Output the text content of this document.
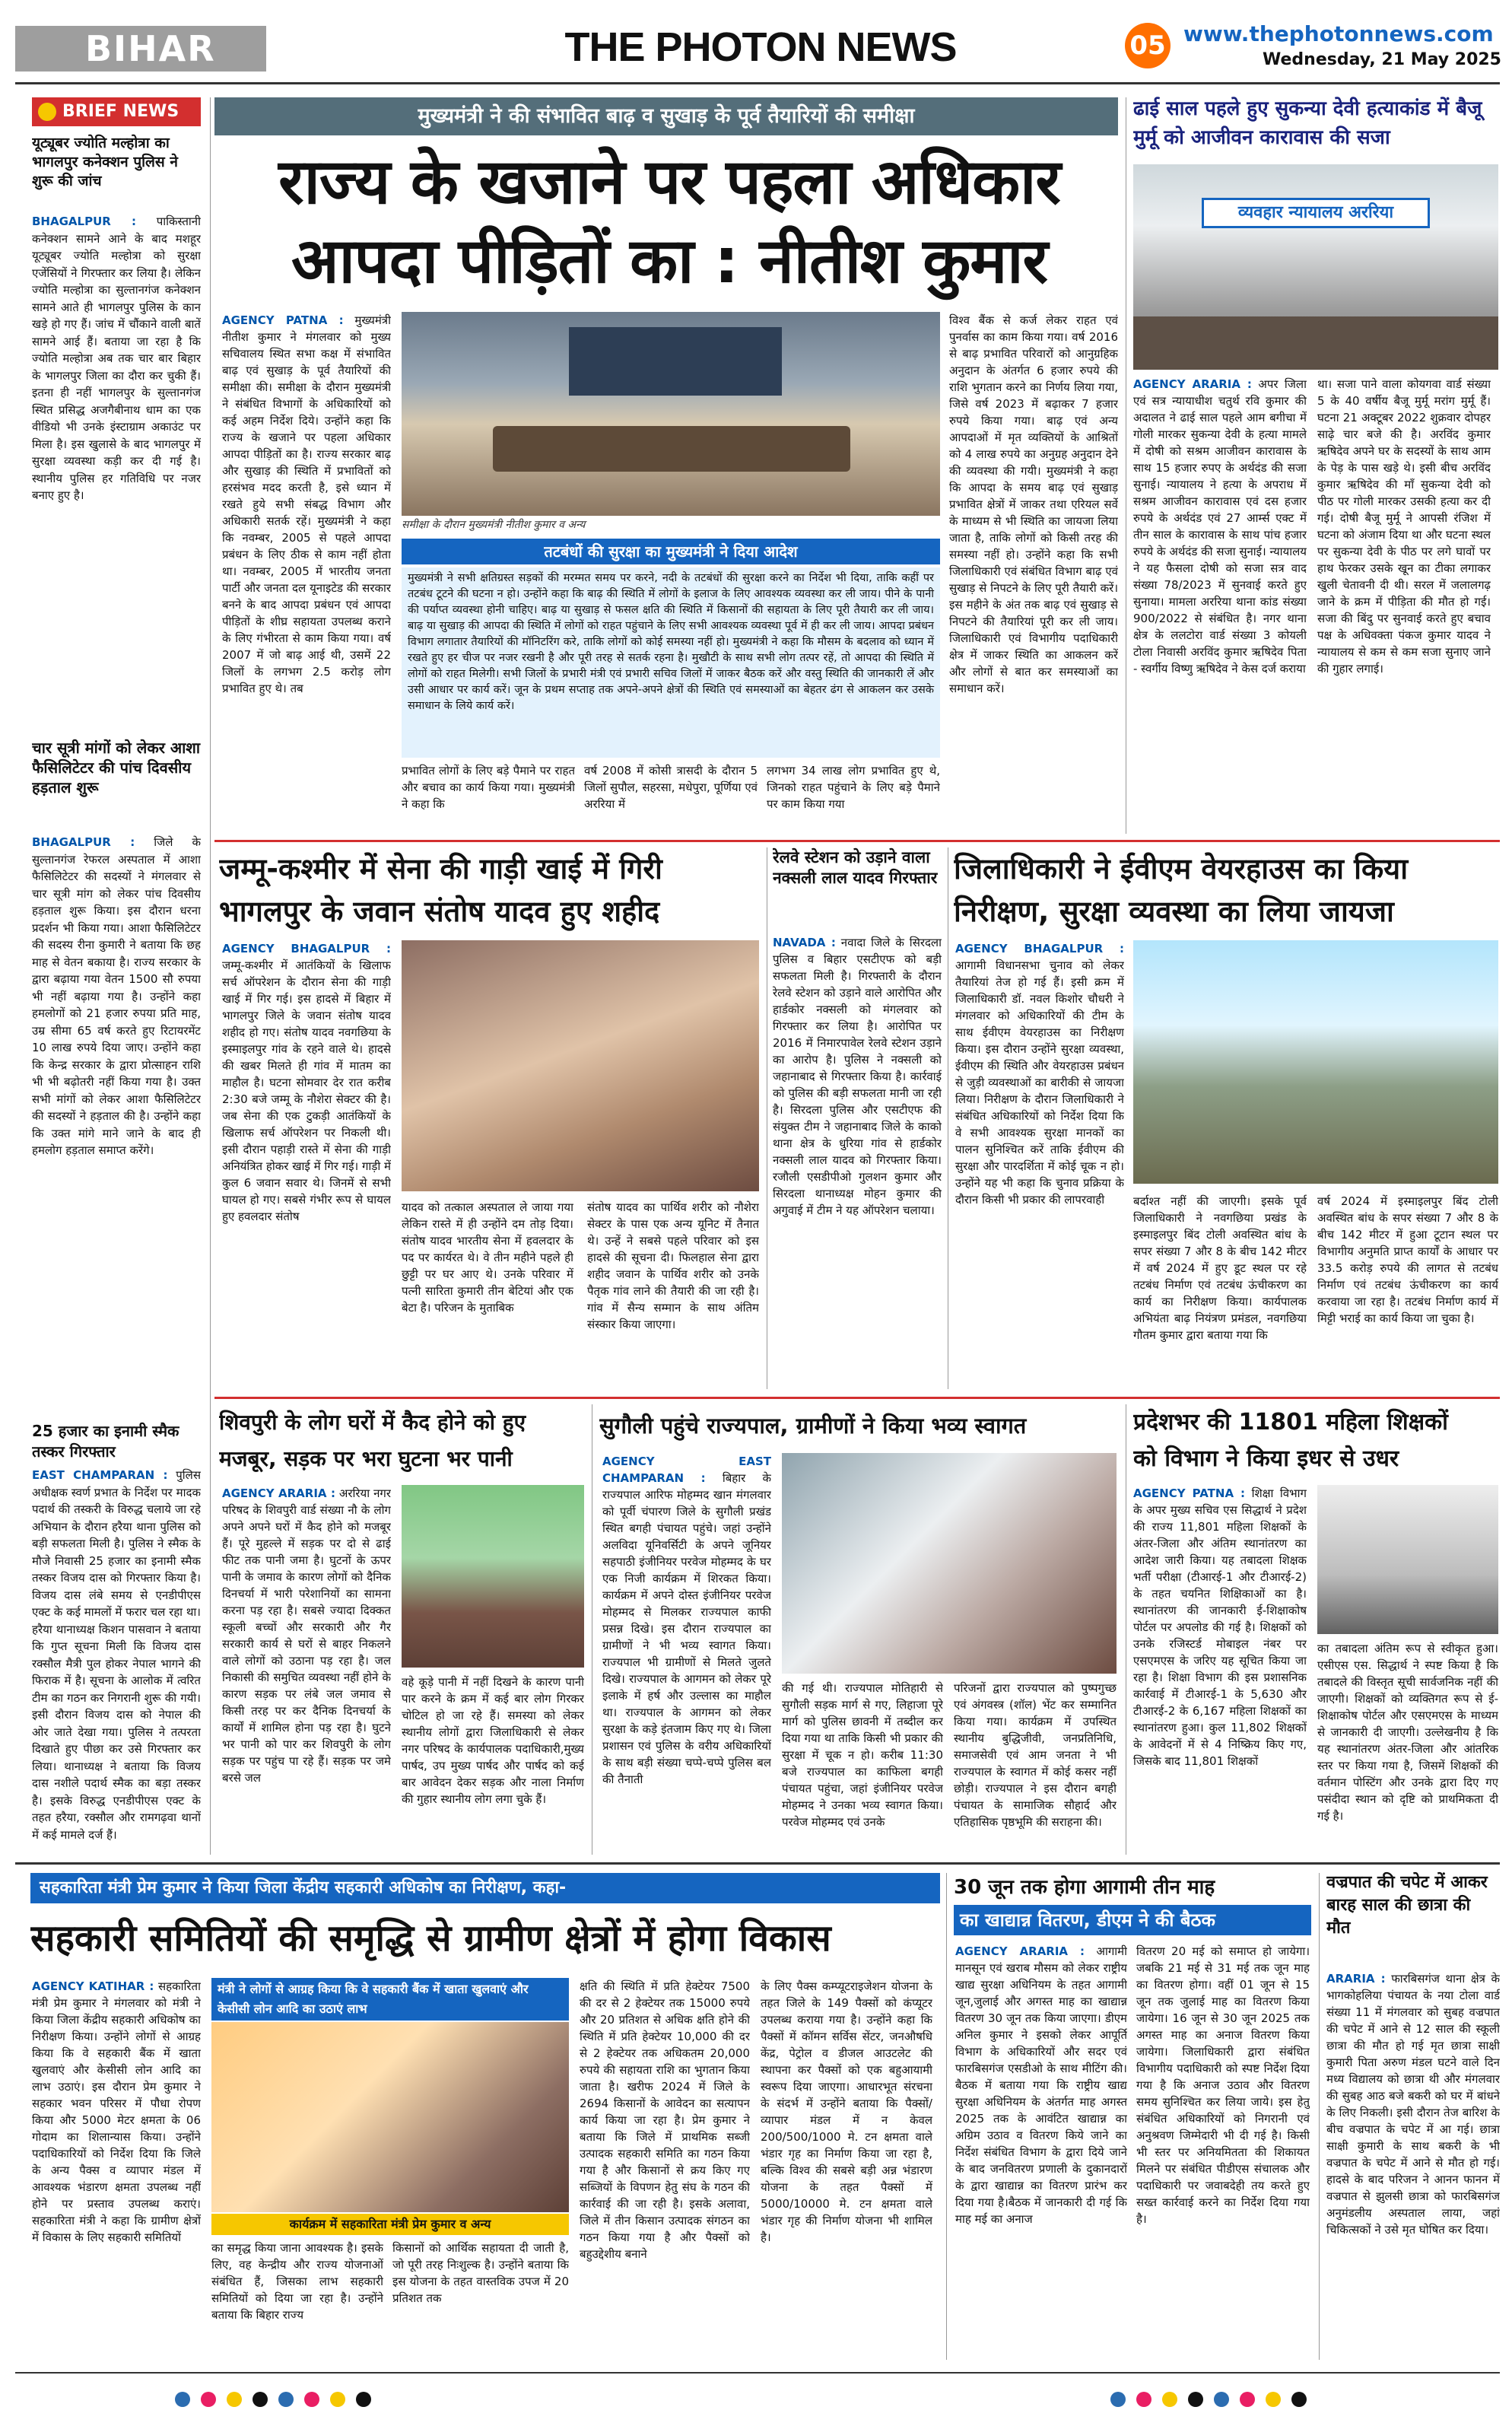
BIHAR	THE PHOTON NEWS	05 www.thephotonnews.com
Wednesday, 21 May 2025
BRIEF NEWS
यूट्यूबर ज्योति मल्होत्रा का भागलपुर कनेक्शन पुलिस ने शुरू की जांच
BHAGALPUR : पाकिस्तानी कनेक्शन सामने आने के बाद मशहूर यूट्यूबर ज्योति मल्होत्रा को सुरक्षा एजेंसियों ने गिरफ्तार कर लिया है। लेकिन ज्योति मल्होत्रा का सुल्तानगंज कनेक्शन सामने आते ही भागलपुर पुलिस के कान खड़े हो गए हैं। जांच में चौंकाने वाली बातें सामने आई हैं। बताया जा रहा है कि ज्योति मल्होत्रा अब तक चार बार बिहार के भागलपुर जिला का दौरा कर चुकी हैं। इतना ही नहीं भागलपुर के सुल्तानगंज स्थित प्रसिद्ध अजगैबीनाथ धाम का एक वीडियो भी उनके इंस्टाग्राम अकाउंट पर मिला है। इस खुलासे के बाद भागलपुर में सुरक्षा व्यवस्था कड़ी कर दी गई है। स्थानीय पुलिस हर गतिविधि पर नजर बनाए हुए है।
चार सूत्री मांगों को लेकर आशा फैसिलिटेटर की पांच दिवसीय हड़ताल शुरू
BHAGALPUR : जिले के सुल्तानगंज रेफरल अस्पताल में आशा फैसिलिटेटर की सदस्यों ने मंगलवार से चार सूत्री मांग को लेकर पांच दिवसीय हड़ताल शुरू किया। इस दौरान धरना प्रदर्शन भी किया गया। आशा फैसिलिटेटर की सदस्य रीना कुमारी ने बताया कि छह माह से वेतन बकाया है। राज्य सरकार के द्वारा बढ़ाया गया वेतन 1500 सौ रुपया भी नहीं बढ़ाया गया है। उन्होंने कहा हमलोगों को 21 हजार रुपया प्रति माह, उम्र सीमा 65 वर्ष करते हुए रिटायरमेंट 10 लाख रुपये दिया जाए। उन्होंने कहा कि केन्द्र सरकार के द्वारा प्रोत्साहन राशि भी भी बढ़ोतरी नहीं किया गया है। उक्त सभी मांगों को लेकर आशा फैसिलिटेटर की सदस्यों ने हड़ताल की है। उन्होंने कहा कि उक्त मांगे माने जाने के बाद ही हमलोग हड़ताल समाप्त करेंगे।
25 हजार का इनामी स्मैक तस्कर गिरफ्तार
EAST CHAMPARAN : पुलिस अधीक्षक स्वर्ण प्रभात के निर्देश पर मादक पदार्थ की तस्करी के विरुद्ध चलाये जा रहे अभियान के दौरान हरैया थाना पुलिस को बड़ी सफलता मिली है। पुलिस ने स्मैक के मौजे निवासी 25 हजार का इनामी स्मैक तस्कर विजय दास को गिरफ्तार किया है। विजय दास लंबे समय से एनडीपीएस एक्ट के कई मामलों में फरार चल रहा था। हरैया थानाध्यक्ष किशन पासवान ने बताया कि गुप्त सूचना मिली कि विजय दास रक्सौल मैत्री पुल होकर नेपाल भागने की फिराक में है। सूचना के आलोक में त्वरित टीम का गठन कर निगरानी शुरू की गयी। इसी दौरान विजय दास को नेपाल की ओर जाते देखा गया। पुलिस ने तत्परता दिखाते हुए पीछा कर उसे गिरफ्तार कर लिया। थानाध्यक्ष ने बताया कि विजय दास नशीले पदार्थ स्मैक का बड़ा तस्कर है। इसके विरुद्ध एनडीपीएस एक्ट के तहत हरैया, रक्सौल और रामगढ़वा थानों में कई मामले दर्ज हैं।
मुख्यमंत्री ने की संभावित बाढ़ व सुखाड़ के पूर्व तैयारियों की समीक्षा
राज्य के खजाने पर पहला अधिकार
आपदा पीड़ितों का : नीतीश कुमार
AGENCY PATNA : मुख्यमंत्री नीतीश कुमार ने मंगलवार को मुख्य सचिवालय स्थित सभा कक्ष में संभावित बाढ़ एवं सुखाड़ के पूर्व तैयारियों की समीक्षा की। समीक्षा के दौरान मुख्यमंत्री ने संबंधित विभागों के अधिकारियों को कई अहम निर्देश दिये। उन्होंने कहा कि राज्य के खजाने पर पहला अधिकार आपदा पीड़ितों का है। राज्य सरकार बाढ़ और सुखाड़ की स्थिति में प्रभावितों को हरसंभव मदद करती है, इसे ध्यान में रखते हुये सभी संबद्ध विभाग और अधिकारी सतर्क रहें। मुख्यमंत्री ने कहा कि नवम्बर, 2005 से पहले आपदा प्रबंधन के लिए ठीक से काम नहीं होता था। नवम्बर, 2005 में भारतीय जनता पार्टी और जनता दल यूनाइटेड की सरकार बनने के बाद आपदा प्रबंधन एवं आपदा पीड़ितों के शीघ्र सहायता उपलब्ध कराने के लिए गंभीरता से काम किया गया। वर्ष 2007 में जो बाढ़ आई थी, उसमें 22 जिलों के लगभग 2.5 करोड़ लोग प्रभावित हुए थे। तब
समीक्षा के दौरान मुख्यमंत्री नीतीश कुमार व अन्य
तटबंधों की सुरक्षा का मुख्यमंत्री ने दिया आदेश
मुख्यमंत्री ने सभी क्षतिग्रस्त सड़कों की मरम्मत समय पर करने, नदी के तटबंधों की सुरक्षा करने का निर्देश भी दिया, ताकि कहीं पर तटबंध टूटने की घटना न हो। उन्होंने कहा कि बाढ़ की स्थिति में लोगों के इलाज के लिए आवश्यक व्यवस्था कर ली जाय। पीने के पानी की पर्याप्त व्यवस्था होनी चाहिए। बाढ़ या सुखाड़ से फसल क्षति की स्थिति में किसानों की सहायता के लिए पूरी तैयारी कर ली जाय। बाढ़ या सुखाड़ की आपदा की स्थिति में लोगों को राहत पहुंचाने के लिए सभी आवश्यक व्यवस्था पूर्व में ही कर ली जाय। आपदा प्रबंधन विभाग लगातार तैयारियों की मॉनिटरिंग करे, ताकि लोगों को कोई समस्या नहीं हो। मुख्यमंत्री ने कहा कि मौसम के बदलाव को ध्यान में रखते हुए हर चीज पर नजर रखनी है और पूरी तरह से सतर्क रहना है। मुखौटी के साथ सभी लोग तत्पर रहें, तो आपदा की स्थिति में लोगों को राहत मिलेगी। सभी जिलों के प्रभारी मंत्री एवं प्रभारी सचिव जिलों में जाकर बैठक करें और वस्तु स्थिति की जानकारी लें और उसी आधार पर कार्य करें। जून के प्रथम सप्ताह तक अपने-अपने क्षेत्रों की स्थिति एवं समस्याओं का बेहतर ढंग से आकलन कर उसके समाधान के लिये कार्य करें।
प्रभावित लोगों के लिए बड़े पैमाने पर राहत और बचाव का कार्य किया गया। मुख्यमंत्री ने कहा कि
वर्ष 2008 में कोसी त्रासदी के दौरान 5 जिलों सुपौल, सहरसा, मधेपुरा, पूर्णिया एवं अररिया में
लगभग 34 लाख लोग प्रभावित हुए थे, जिनको राहत पहुंचाने के लिए बड़े पैमाने पर काम किया गया
विश्व बैंक से कर्ज लेकर राहत एवं पुनर्वास का काम किया गया। वर्ष 2016 से बाढ़ प्रभावित परिवारों को आनुग्रहिक अनुदान के अंतर्गत 6 हजार रुपये की राशि भुगतान करने का निर्णय लिया गया, जिसे वर्ष 2023 में बढ़ाकर 7 हजार रुपये किया गया। बाढ़ एवं अन्य आपदाओं में मृत व्यक्तियों के आश्रितों को 4 लाख रुपये का अनुग्रह अनुदान देने की व्यवस्था की गयी। मुख्यमंत्री ने कहा कि आपदा के समय बाढ़ एवं सुखाड़ प्रभावित क्षेत्रों में जाकर तथा एरियल सर्वे के माध्यम से भी स्थिति का जायजा लिया जाता है, ताकि लोगों को किसी तरह की समस्या नहीं हो। उन्होंने कहा कि सभी जिलाधिकारी एवं संबंधित विभाग बाढ़ एवं सुखाड़ से निपटने के लिए पूरी तैयारी करें। इस महीने के अंत तक बाढ़ एवं सुखाड़ से निपटने की तैयारियां पूरी कर ली जाय। जिलाधिकारी एवं विभागीय पदाधिकारी क्षेत्र में जाकर स्थिति का आकलन करें और लोगों से बात कर समस्याओं का समाधान करें।
ढाई साल पहले हुए सुकन्या देवी हत्याकांड में बैजू मुर्मू को आजीवन कारावास की सजा
व्यवहार न्यायालय अररिया
AGENCY ARARIA : अपर जिला एवं सत्र न्यायाधीश चतुर्थ रवि कुमार की अदालत ने ढाई साल पहले आम बगीचा में गोली मारकर सुकन्या देवी के हत्या मामले में दोषी को सश्रम आजीवन कारावास के साथ 15 हजार रुपए के अर्थदंड की सजा सुनाई। न्यायालय ने हत्या के अपराध में सश्रम आजीवन कारावास एवं दस हजार रुपये के अर्थदंड एवं 27 आर्म्स एक्ट में तीन साल के कारावास के साथ पांच हजार रुपये के अर्थदंड की सजा सुनाई। न्यायालय ने यह फैसला दोषी को सजा सत्र वाद संख्या 78/2023 में सुनवाई करते हुए सुनाया। मामला अररिया थाना कांड संख्या 900/2022 से संबंधित है। नगर थाना क्षेत्र के ललटोरा वार्ड संख्या 3 कोयली टोला निवासी अरविंद कुमार ऋषिदेव पिता - स्वर्गीय विष्णु ऋषिदेव ने केस दर्ज कराया
था। सजा पाने वाला कोयगवा वार्ड संख्या 5 के 40 वर्षीय बैजू मुर्मू मरांग मुर्मू हैं। घटना 21 अक्टूबर 2022 शुक्रवार दोपहर साढ़े चार बजे की है। अरविंद कुमार ऋषिदेव अपने घर के सदस्यों के साथ आम के पेड़ के पास खड़े थे। इसी बीच अरविंद कुमार ऋषिदेव की माँ सुकन्या देवी को पीठ पर गोली मारकर उसकी हत्या कर दी गई। दोषी बैजू मुर्मू ने आपसी रंजिश में घटना को अंजाम दिया था और घटना स्थल पर सुकन्या देवी के पीठ पर लगे घावों पर हाथ फेरकर उसके खून का टीका लगाकर खुली चेतावनी दी थी। सरल में जलालगढ़ जाने के क्रम में पीड़िता की मौत हो गई। सजा की बिंदु पर सुनवाई करते हुए बचाव पक्ष के अधिवक्ता पंकज कुमार यादव ने न्यायालय से कम से कम सजा सुनाए जाने की गुहार लगाई।
जम्मू-कश्मीर में सेना की गाड़ी खाई में गिरी
भागलपुर के जवान संतोष यादव हुए शहीद
AGENCY BHAGALPUR : जम्मू-कश्मीर में आतंकियों के खिलाफ सर्च ऑपरेशन के दौरान सेना की गाड़ी खाई में गिर गई। इस हादसे में बिहार में भागलपुर जिले के जवान संतोष यादव शहीद हो गए। संतोष यादव नवगछिया के इस्माइलपुर गांव के रहने वाले थे। हादसे की खबर मिलते ही गांव में मातम का माहौल है। घटना सोमवार देर रात करीब 2:30 बजे जम्मू के नौशेरा सेक्टर की है। जब सेना की एक टुकड़ी आतंकियों के खिलाफ सर्च ऑपरेशन पर निकली थी। इसी दौरान पहाड़ी रास्ते में सेना की गाड़ी अनियंत्रित होकर खाई में गिर गई। गाड़ी में कुल 6 जवान सवार थे। जिनमें से सभी घायल हो गए। सबसे गंभीर रूप से घायल हुए हवलदार संतोष
यादव को तत्काल अस्पताल ले जाया गया लेकिन रास्ते में ही उन्होंने दम तोड़ दिया। संतोष यादव भारतीय सेना में हवलदार के पद पर कार्यरत थे। वे तीन महीने पहले ही छुट्टी पर घर आए थे। उनके परिवार में पत्नी सारिता कुमारी तीन बेटियां और एक बेटा है। परिजन के मुताबिक
संतोष यादव का पार्थिव शरीर को नौशेरा सेक्टर के पास एक अन्य यूनिट में तैनात थे। उन्हें ने सबसे पहले परिवार को इस हादसे की सूचना दी। फिलहाल सेना द्वारा शहीद जवान के पार्थिव शरीर को उनके पैतृक गांव लाने की तैयारी की जा रही है। गांव में सैन्य सम्मान के साथ अंतिम संस्कार किया जाएगा।
रेलवे स्टेशन को उड़ाने वाला नक्सली लाल यादव गिरफ्तार
NAVADA : नवादा जिले के सिरदला पुलिस व बिहार एसटीएफ को बड़ी सफलता मिली है। गिरफ्तारी के दौरान रेलवे स्टेशन को उड़ाने वाले आरोपित और हार्डकोर नक्सली को मंगलवार को गिरफ्तार कर लिया है। आरोपित पर 2016 में निमारपावेल रेलवे स्टेशन उड़ाने का आरोप है। पुलिस ने नक्सली को जहानाबाद से गिरफ्तार किया है। कार्रवाई को पुलिस की बड़ी सफलता मानी जा रही है। सिरदला पुलिस और एसटीएफ की संयुक्त टीम ने जहानाबाद जिले के काको थाना क्षेत्र के धुरिया गांव से हार्डकोर नक्सली लाल यादव को गिरफ्तार किया। रजौली एसडीपीओ गुलशन कुमार और सिरदला थानाध्यक्ष मोहन कुमार की अगुवाई में टीम ने यह ऑपरेशन चलाया।
जिलाधिकारी ने ईवीएम वेयरहाउस का किया
निरीक्षण, सुरक्षा व्यवस्था का लिया जायजा
AGENCY BHAGALPUR : आगामी विधानसभा चुनाव को लेकर तैयारियां तेज हो गई हैं। इसी क्रम में जिलाधिकारी डॉ. नवल किशोर चौधरी ने मंगलवार को अधिकारियों की टीम के साथ ईवीएम वेयरहाउस का निरीक्षण किया। इस दौरान उन्होंने सुरक्षा व्यवस्था, ईवीएम की स्थिति और वेयरहाउस प्रबंधन से जुड़ी व्यवस्थाओं का बारीकी से जायजा लिया। निरीक्षण के दौरान जिलाधिकारी ने संबंधित अधिकारियों को निर्देश दिया कि वे सभी आवश्यक सुरक्षा मानकों का पालन सुनिश्चित करें ताकि ईवीएम की सुरक्षा और पारदर्शिता में कोई चूक न हो। उन्होंने यह भी कहा कि चुनाव प्रक्रिया के दौरान किसी भी प्रकार की लापरवाही	बर्दाश्त नहीं की जाएगी। इसके पूर्व जिलाधिकारी ने नवगछिया प्रखंड के इस्माइलपुर बिंद टोली अवस्थित बांध के सपर संख्या 7 और 8 के बीच 142 मीटर में वर्ष 2024 में हुए डूट स्थल पर रहे तटबंध निर्माण एवं तटबंध ऊंचीकरण का कार्य का निरीक्षण किया। कार्यपालक अभियंता बाढ़ नियंत्रण प्रमंडल, नवगछिया गौतम कुमार द्वारा बताया गया कि
वर्ष 2024 में इस्माइलपुर बिंद टोली अवस्थित बांध के सपर संख्या 7 और 8 के बीच 142 मीटर में हुआ टूटान स्थल पर विभागीय अनुमति प्राप्त कार्यों के आधार पर 33.5 करोड़ रुपये की लागत से तटबंध निर्माण एवं तटबंध ऊंचीकरण का कार्य करवाया जा रहा है। तटबंध निर्माण कार्य में मिट्टी भराई का कार्य किया जा चुका है।
शिवपुरी के लोग घरों में कैद होने को हुए
मजबूर, सड़क पर भरा घुटना भर पानी
AGENCY ARARIA : अररिया नगर परिषद के शिवपुरी वार्ड संख्या नौ के लोग अपने अपने घरों में कैद होने को मजबूर हैं। पूरे मुहल्ले में सड़क पर दो से ढाई फीट तक पानी जमा है। घुटनों के ऊपर पानी के जमाव के कारण लोगों को दैनिक दिनचर्या में भारी परेशानियों का सामना करना पड़ रहा है। सबसे ज्यादा दिक्कत स्कूली बच्चों और सरकारी और गैर सरकारी कार्य से घरों से बाहर निकलने वाले लोगों को उठाना पड़ रहा है। जल निकासी की समुचित व्यवस्था नहीं होने के कारण सड़क पर लंबे जल जमाव से किसी तरह पर कर दैनिक दिनचर्या के कार्यों में शामिल होना पड़ रहा है। घुटने भर पानी को पार कर शिवपुरी के लोग सड़क पर पहुंच पा रहे हैं। सड़क पर जमे बरसे जल
वहे कूड़े पानी में नहीं दिखने के कारण पानी पार करने के क्रम में कई बार लोग गिरकर चोटिल हो जा रहे हैं। समस्या को लेकर स्थानीय लोगों द्वारा जिलाधिकारी से लेकर नगर परिषद के कार्यपालक पदाधिकारी,मुख्य पार्षद, उप मुख्य पार्षद और पार्षद को कई बार आवेदन देकर सड़क और नाला निर्माण की गुहार स्थानीय लोग लगा चुके हैं।
सुगौली पहुंचे राज्यपाल, ग्रामीणों ने किया भव्य स्वागत
AGENCY EAST CHAMPARAN : बिहार के राज्यपाल आरिफ मोहम्मद खान मंगलवार को पूर्वी चंपारण जिले के सुगौली प्रखंड स्थित बगही पंचायत पहुंचे। जहां उन्होंने अलविदा यूनिवर्सिटी के अपने जूनियर सहपाठी इंजीनियर परवेज मोहम्मद के घर एक निजी कार्यक्रम में शिरकत किया। कार्यक्रम में अपने दोस्त इंजीनियर परवेज मोहम्मद से मिलकर राज्यपाल काफी प्रसन्न दिखे। इस दौरान राज्यपाल का ग्रामीणों ने भी भव्य स्वागत किया। राज्यपाल भी ग्रामीणों से मिलते जुलते दिखे। राज्यपाल के आगमन को लेकर पूरे इलाके में हर्ष और उल्लास का माहौल था। राज्यपाल के आगमन को लेकर सुरक्षा के कड़े इंतजाम किए गए थे। जिला प्रशासन एवं पुलिस के वरीय अधिकारियों के साथ बड़ी संख्या चप्पे-चप्पे पुलिस बल की तैनाती
की गई थी। राज्यपाल मोतिहारी से सुगौली सड़क मार्ग से गए, लिहाजा पूरे मार्ग को पुलिस छावनी में तब्दील कर दिया गया था ताकि किसी भी प्रकार की सुरक्षा में चूक न हो। करीब 11:30 बजे राज्यपाल का काफिला बगही पंचायत पहुंचा, जहां इंजीनियर परवेज मोहम्मद ने उनका भव्य स्वागत किया। परवेज मोहम्मद एवं उनके
परिजनों द्वारा राज्यपाल को पुष्पगुच्छ एवं अंगवस्त्र (शॉल) भेंट कर सम्मानित किया गया। कार्यक्रम में उपस्थित स्थानीय बुद्धिजीवी, जनप्रतिनिधि, समाजसेवी एवं आम जनता ने भी राज्यपाल के स्वागत में कोई कसर नहीं छोड़ी। राज्यपाल ने इस दौरान बगही पंचायत के सामाजिक सौहार्द और एतिहासिक पृष्ठभूमि की सराहना की।
प्रदेशभर की 11801 महिला शिक्षकों
को विभाग ने किया इधर से उधर
AGENCY PATNA : शिक्षा विभाग के अपर मुख्य सचिव एस सिद्धार्थ ने प्रदेश की राज्य 11,801 महिला शिक्षकों के अंतर-जिला और अंतिम स्थानांतरण का आदेश जारी किया। यह तबादला शिक्षक भर्ती परीक्षा (टीआरई-1 और टीआरई-2) के तहत चयनित शिक्षिकाओं का है। स्थानांतरण की जानकारी ई-शिक्षाकोष पोर्टल पर अपलोड की गई है। शिक्षकों को उनके रजिस्टर्ड मोबाइल नंबर पर एसएमएस के जरिए यह सूचित किया जा रहा है। शिक्षा विभाग की इस प्रशासनिक कार्रवाई में टीआरई-1 के 5,630 और टीआरई-2 के 6,167 महिला शिक्षकों का स्थानांतरण हुआ। कुल 11,802 शिक्षकों के आवेदनों में से 4 निष्क्रिय किए गए, जिसके बाद 11,801 शिक्षकों
का तबादला अंतिम रूप से स्वीकृत हुआ। एसीएस एस. सिद्धार्थ ने स्पष्ट किया है कि तबादले की विस्तृत सूची सार्वजनिक नहीं की जाएगी। शिक्षकों को व्यक्तिगत रूप से ई-शिक्षाकोष पोर्टल और एसएमएस के माध्यम से जानकारी दी जाएगी। उल्लेखनीय है कि यह स्थानांतरण अंतर-जिला और आंतरिक स्तर पर किया गया है, जिसमें शिक्षकों की वर्तमान पोस्टिंग और उनके द्वारा दिए गए पसंदीदा स्थान को दृष्टि को प्राथमिकता दी गई है।
सहकारिता मंत्री प्रेम कुमार ने किया जिला केंद्रीय सहकारी अधिकोष का निरीक्षण, कहा-
सहकारी समितियों की समृद्धि से ग्रामीण क्षेत्रों में होगा विकास
AGENCY KATIHAR : सहकारिता मंत्री प्रेम कुमार ने मंगलवार को मंत्री ने किया जिला केंद्रीय सहकारी अधिकोष का निरीक्षण किया। उन्होंने लोगों से आग्रह किया कि वे सहकारी बैंक में खाता खुलवाएं और केसीसी लोन आदि का लाभ उठाएं। इस दौरान प्रेम कुमार ने सहकार भवन परिसर में पौधा रोपण किया और 5000 मेटर क्षमता के 06 गोदाम का शिलान्यास किया। उन्होंने पदाधिकारियों को निर्देश दिया कि जिले के अन्य पैक्स व व्यापार मंडल में आवश्यक भंडारण क्षमता उपलब्ध नहीं होने पर प्रस्ताव उपलब्ध कराएं। सहकारिता मंत्री ने कहा कि ग्रामीण क्षेत्रों में विकास के लिए सहकारी समितियों
मंत्री ने लोगों से आग्रह किया कि वे सहकारी बैंक में खाता खुलवाएं और केसीसी लोन आदि का उठाएं लाभ
कार्यक्रम में सहकारिता मंत्री प्रेम कुमार व अन्य
का समृद्ध किया जाना आवश्यक है। इसके लिए, वह केन्द्रीय और राज्य योजनाओं संबंधित हैं, जिसका लाभ सहकारी समितियों को दिया जा रहा है। उन्होंने बताया कि बिहार राज्य
किसानों को आर्थिक सहायता दी जाती है, जो पूरी तरह निःशुल्क है। उन्होंने बताया कि इस योजना के तहत वास्तविक उपज में 20 प्रतिशत तक
क्षति की स्थिति में प्रति हेक्टेयर 7500 की दर से 2 हेक्टेयर तक 15000 रुपये और 20 प्रतिशत से अधिक क्षति होने की स्थिति में प्रति हेक्टेयर 10,000 की दर से 2 हेक्टेयर तक अधिकतम 20,000 रुपये की सहायता राशि का भुगतान किया जाता है। खरीफ 2024 में जिले के 2694 किसानों के आवेदन का सत्यापन कार्य किया जा रहा है। प्रेम कुमार ने बताया कि जिले में प्राथमिक सब्जी उत्पादक सहकारी समिति का गठन किया गया है और किसानों से क्रय किए गए सब्जियों के विपणन हेतु संघ के गठन की कार्रवाई की जा रही है। इसके अलावा, जिले में तीन किसान उत्पादक संगठन का गठन किया गया है और पैक्सों को बहुउद्देशीय बनाने
के लिए पैक्स कम्प्यूटराइजेशन योजना के तहत जिले के 149 पैक्सों को कंप्यूटर उपलब्ध कराया गया है। उन्होंने कहा कि पैक्सों में कॉमन सर्विस सेंटर, जनऔषधि केंद्र, पेट्रोल व डीजल आउटलेट की स्थापना कर पैक्सों को एक बहुआयामी स्वरूप दिया जाएगा। आधारभूत संरचना के संदर्भ में उन्होंने बताया कि पैक्सों/व्यापार मंडल में न केवल 200/500/1000 मे. टन क्षमता वाले भंडार गृह का निर्माण किया जा रहा है, बल्कि विश्व की सबसे बड़ी अन्न भंडारण योजना के तहत पैक्सों में 5000/10000 मे. टन क्षमता वाले भंडार गृह की निर्माण योजना भी शामिल है।
30 जून तक होगा आगामी तीन माह
का खाद्यान्न वितरण, डीएम ने की बैठक
AGENCY ARARIA : आगामी मानसून एवं खराब मौसम को लेकर राष्ट्रीय खाद्य सुरक्षा अधिनियम के तहत आगामी जून,जुलाई और अगस्त माह का खाद्यान्न वितरण 30 जून तक किया जाएगा। डीएम अनिल कुमार ने इसको लेकर आपूर्ति विभाग के अधिकारियों और सदर एवं फारबिसगंज एसडीओ के साथ मीटिंग की। बैठक में बताया गया कि राष्ट्रीय खाद्य सुरक्षा अधिनियम के अंतर्गत माह अगस्त 2025 तक के आवंटित खाद्यान्न का अग्रिम उठाव व वितरण किये जाने का निर्देश संबंधित विभाग के द्वारा दिये जाने के बाद जनवितरण प्रणाली के दुकानदारों के द्वारा खाद्यान्न का वितरण प्रारंभ कर दिया गया है।बैठक में जानकारी दी गई कि माह मई का अनाज
वितरण 20 मई को समाप्त हो जायेगा। जबकि 21 मई से 31 मई तक जून माह का वितरण होगा। वहीं 01 जून से 15 जून तक जुलाई माह का वितरण किया जायेगा। 16 जून से 30 जून 2025 तक अगस्त माह का अनाज वितरण किया जायेगा। जिलाधिकारी द्वारा संबंधित विभागीय पदाधिकारी को स्पष्ट निर्देश दिया गया है कि अनाज उठाव और वितरण समय सुनिश्चित कर लिया जाये। इस हेतु संबंधित अधिकारियों को निगरानी एवं अनुश्रवण जिम्मेदारी भी दी गई है। किसी भी स्तर पर अनियमितता की शिकायत मिलने पर संबंधित पीडीएस संचालक और पदाधिकारी पर जवाबदेही तय करते हुए सख्त कार्रवाई करने का निर्देश दिया गया है।
वज्रपात की चपेट में आकर बारह साल की छात्रा की मौत
ARARIA : फारबिसगंज थाना क्षेत्र के भागकोहलिया पंचायत के नया टोला वार्ड संख्या 11 में मंगलवार को सुबह वज्रपात की चपेट में आने से 12 साल की स्कूली छात्रा की मौत हो गई मृत छात्रा साक्षी कुमारी पिता अरुण मंडल घटने वाले दिन मध्य विद्यालय को छात्रा थी और मंगलवार की सुबह आठ बजे बकरी को घर में बांधने के लिए निकली। इसी दौरान तेज बारिश के बीच वज्रपात के चपेट में आ गई। छात्रा साक्षी कुमारी के साथ बकरी के भी वज्रपात के चपेट में आने से मौत हो गई। हादसे के बाद परिजन ने आनन फानन में वज्रपात से झुलसी छात्रा को फारबिसगंज अनुमंडलीय अस्पताल लाया, जहां चिकित्सकों ने उसे मृत घोषित कर दिया।
